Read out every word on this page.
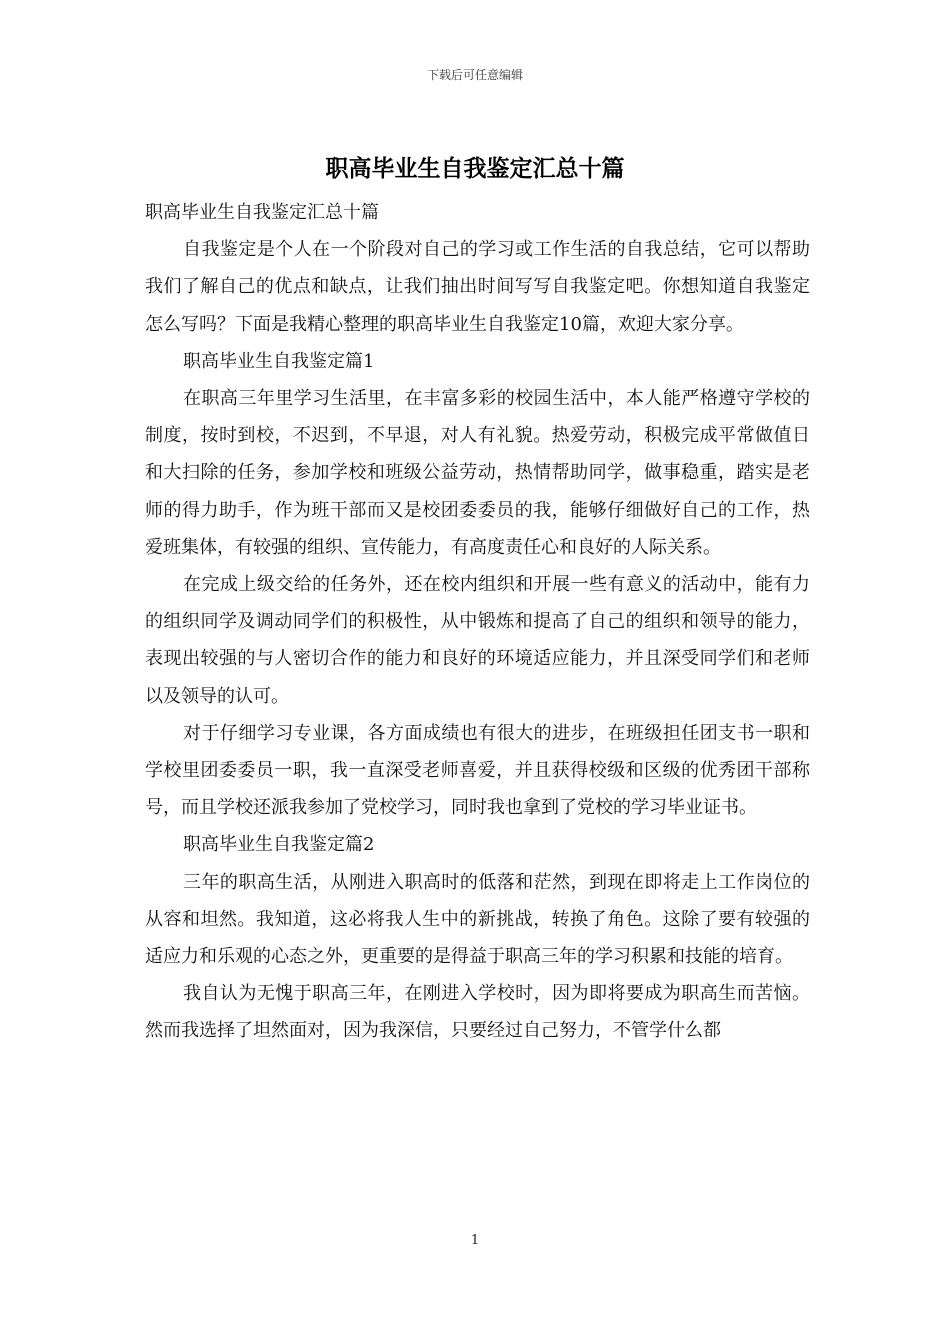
下载后可任意编辑
职高毕业生自我鉴定汇总十篇

职高毕业生自我鉴定汇总十篇

自我鉴定是个人在一个阶段对自己的学习或工作生活的自我总结，它可以帮助我们了解自己的优点和缺点，让我们抽出时间写写自我鉴定吧。你想知道自我鉴定怎么写吗？下面是我精心整理的职高毕业生自我鉴定10篇，欢迎大家分享。

职高毕业生自我鉴定篇1

在职高三年里学习生活里，在丰富多彩的校园生活中，本人能严格遵守学校的制度，按时到校，不迟到，不早退，对人有礼貌。热爱劳动，积极完成平常做值日和大扫除的任务，参加学校和班级公益劳动，热情帮助同学，做事稳重，踏实是老师的得力助手，作为班干部而又是校团委委员的我，能够仔细做好自己的工作，热爱班集体，有较强的组织、宣传能力，有高度责任心和良好的人际关系。

在完成上级交给的任务外，还在校内组织和开展一些有意义的活动中，能有力的组织同学及调动同学们的积极性，从中锻炼和提高了自己的组织和领导的能力，表现出较强的与人密切合作的能力和良好的环境适应能力，并且深受同学们和老师以及领导的认可。

对于仔细学习专业课，各方面成绩也有很大的进步，在班级担任团支书一职和学校里团委委员一职，我一直深受老师喜爱，并且获得校级和区级的优秀团干部称号，而且学校还派我参加了党校学习，同时我也拿到了党校的学习毕业证书。

职高毕业生自我鉴定篇2

三年的职高生活，从刚进入职高时的低落和茫然，到现在即将走上工作岗位的从容和坦然。我知道，这必将我人生中的新挑战，转换了角色。这除了要有较强的适应力和乐观的心态之外，更重要的是得益于职高三年的学习积累和技能的培育。

我自认为无愧于职高三年，在刚进入学校时，因为即将要成为职高生而苦恼。然而我选择了坦然面对，因为我深信，只要经过自己努力，不管学什么都

1
